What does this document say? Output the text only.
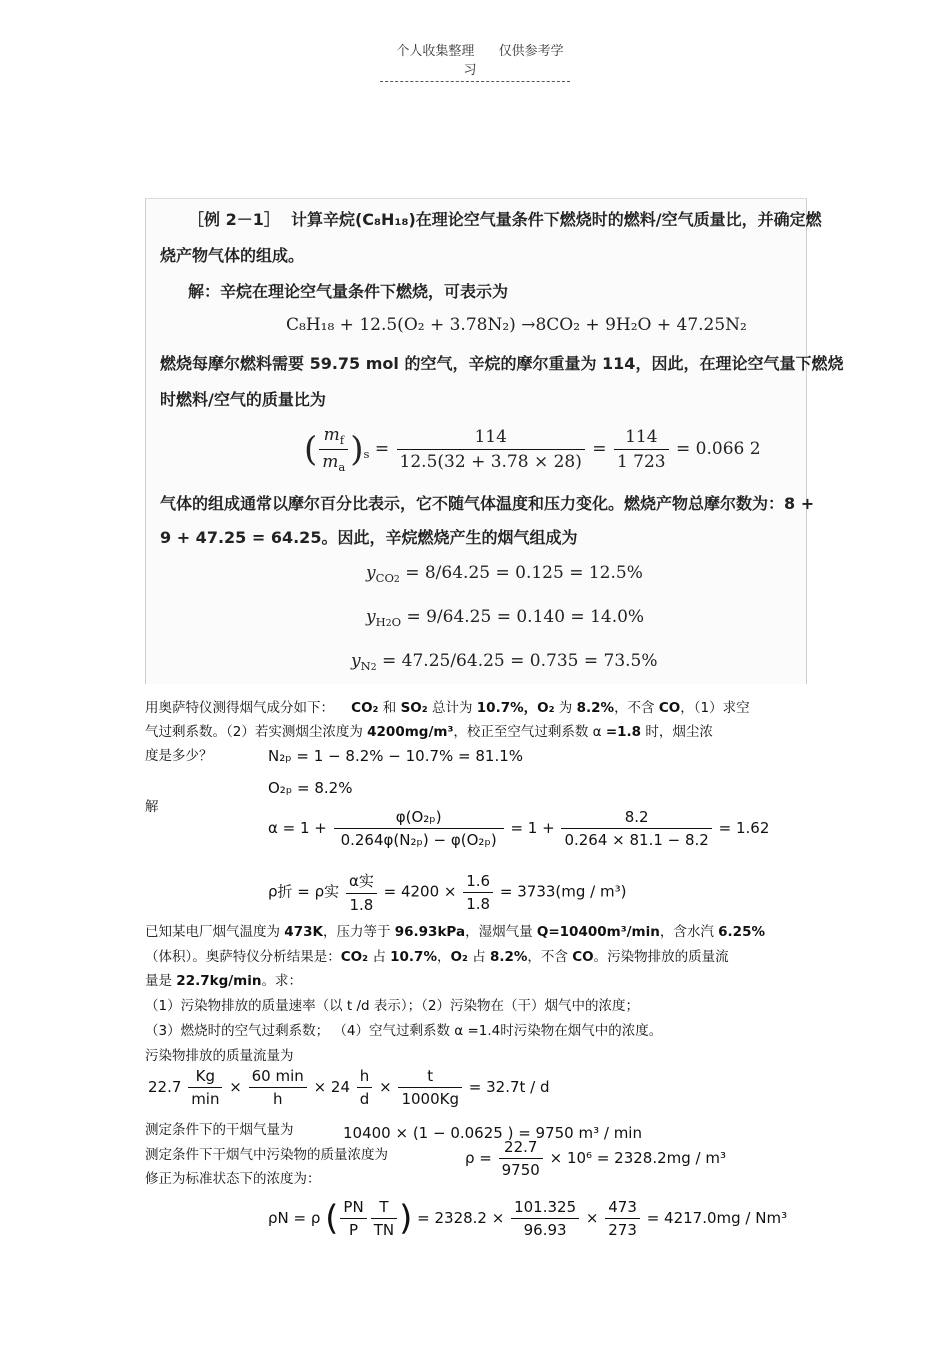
个人收集整理 仅供参考学习
［例 2－1］ 计算辛烷(C₈H₁₈)在理论空气量条件下燃烧时的燃料/空气质量比，并确定燃
烧产物气体的组成。
解：辛烷在理论空气量条件下燃烧，可表示为
C₈H₁₈ + 12.5(O₂ + 3.78N₂) →8CO₂ + 9H₂O + 47.25N₂
燃烧每摩尔燃料需要 59.75 mol 的空气，辛烷的摩尔重量为 114，因此，在理论空气量下燃烧
时燃料/空气的质量比为
( $\frac{m_f}{m_a} )_s = \frac{114}{12.5(32 + 3.78 \times 28)} = \frac{114}{1 723} = 0.066$ 2
气体的组成通常以摩尔百分比表示，它不随气体温度和压力变化。燃烧产物总摩尔数为：8 +
9 + 47.25 = 64.25。因此，辛烷燃烧产生的烟气组成为
$y_{CO2} = 8/64.25 = 0.125 = 12.5\%$
$y_{H2O} = 9/64.25 = 0.140 = 14.0\%$
$y_{N2} = 47.25/64.25 = 0.735 = 73.5\%$
用奥萨特仪测得烟气成分如下： CO₂ 和 SO₂ 总计为 10.7%，O₂ 为 8.2%，不含 CO，（1）求空
气过剩系数。（2）若实测烟尘浓度为 4200mg/m³，校正至空气过剩系数 α =1.8 时，烟尘浓
度是多少？	N₂ₚ = 1 − 8.2% − 10.7% = 81.1%
O₂ₚ = 8.2%
解
$\alpha = 1 + \frac{\text{φ(O₂ₚ)}}{\text{0.264φ(N₂ₚ) − φ(O₂ₚ)}} = 1 + \frac{8.2}{0.264 \times 81.1 - 8.2} = 1.62$
ρ折 = ρ实 $\frac{\text{α实}}{1.8} = 4200 \times \frac{1.6}{1.8} = 3733(mg / m^3)$
已知某电厂烟气温度为 473K，压力等于 96.93kPa，湿烟气量 Q=10400m³/min，含水汽 6.25%
（体积）。奥萨特仪分析结果是：CO₂ 占 10.7%，O₂ 占 8.2%，不含 CO。污染物排放的质量流
量是 22.7kg/min。求：
（1）污染物排放的质量速率（以 t /d 表示）；（2）污染物在（干）烟气中的浓度；
（3）燃烧时的空气过剩系数； （4）空气过剩系数 α =1.4时污染物在烟气中的浓度。
污染物排放的质量流量为
$22.7 \frac{Kg}{\min} \times \frac{60 \min}{h} \times 24 \frac{h}{d} \times \frac{t}{1000Kg} = 32.7t / d$
测定条件下的干烟气量为	10400 × (1 − 0.0625 ) = 9750 m³ / min
测定条件下干烟气中污染物的质量浓度为	$\rho = \frac{22.7}{9750} \times 10^6 = 2328.2mg / m^3$
修正为标准状态下的浓度为：
ρN = ρ ( $\frac{PN}{P} \frac{T}{TN}$ ) = $2328.2 \times \frac{101.325}{96.93} \times \frac{473}{273} = 4217.0mg / Nm^3$
